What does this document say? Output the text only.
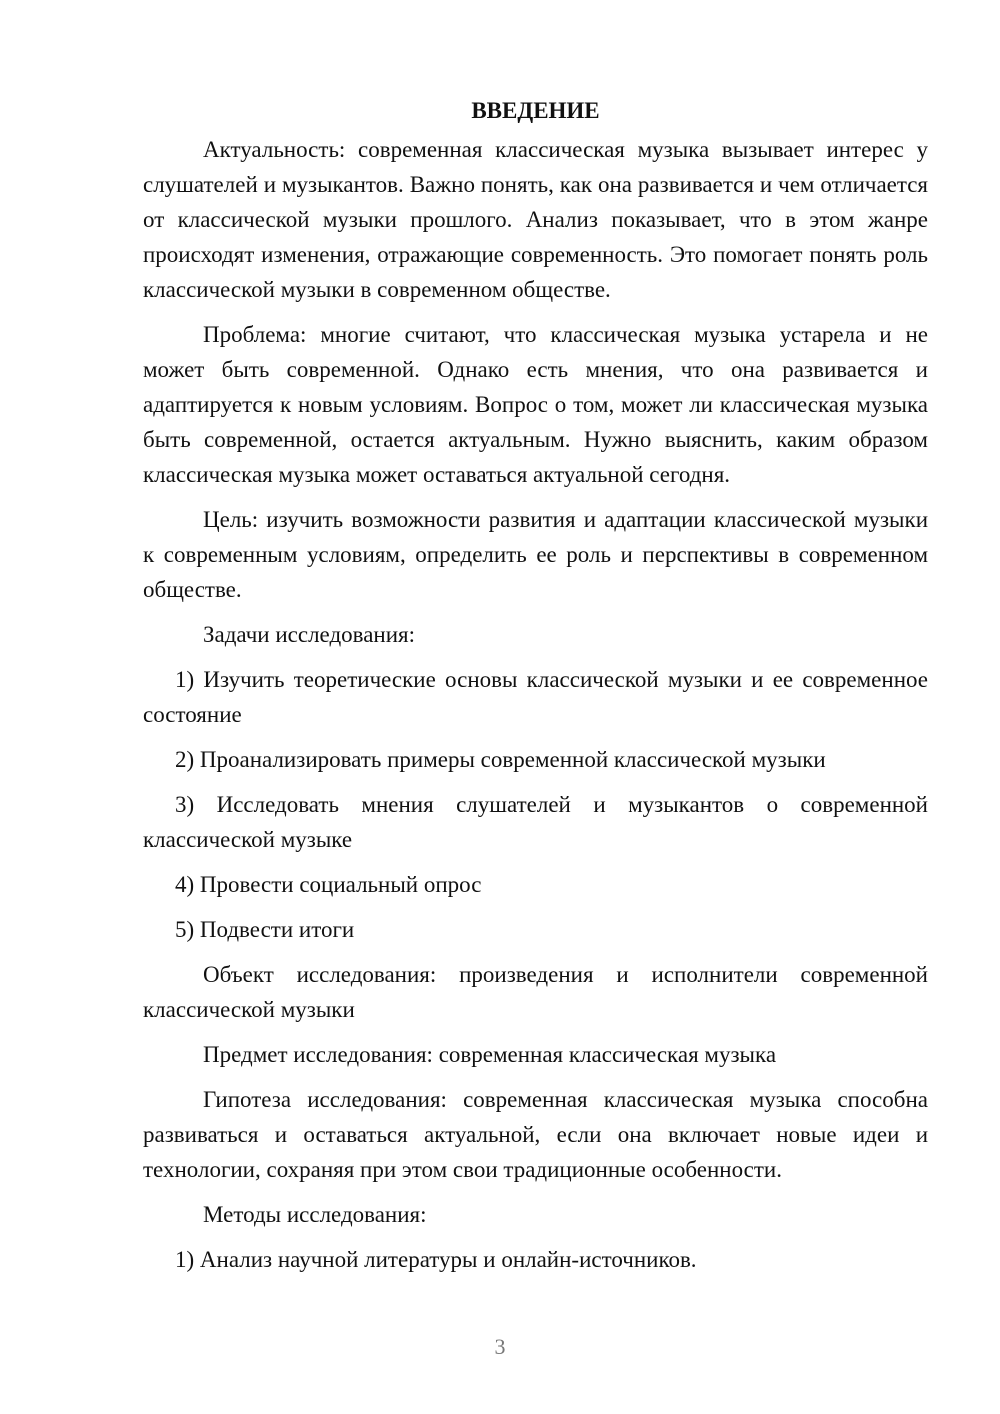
ВВЕДЕНИЕ

Актуальность: современная классическая музыка вызывает интерес у слушателей и музыкантов. Важно понять, как она развивается и чем отличается от классической музыки прошлого. Анализ показывает, что в этом жанре происходят изменения, отражающие современность. Это помогает понять роль классической музыки в современном обществе.

Проблема: многие считают, что классическая музыка устарела и не может быть современной. Однако есть мнения, что она развивается и адаптируется к новым условиям. Вопрос о том, может ли классическая музыка быть современной, остается актуальным. Нужно выяснить, каким образом классическая музыка может оставаться актуальной сегодня.

Цель: изучить возможности развития и адаптации классической музыки к современным условиям, определить ее роль и перспективы в современном обществе.

Задачи исследования:

1) Изучить теоретические основы классической музыки и ее современное состояние

2) Проанализировать примеры современной классической музыки

3) Исследовать мнения слушателей и музыкантов о современной классической музыке

4) Провести социальный опрос

5) Подвести итоги

Объект исследования: произведения и исполнители современной классической музыки

Предмет исследования: современная классическая музыка

Гипотеза исследования: современная классическая музыка способна развиваться и оставаться актуальной, если она включает новые идеи и технологии, сохраняя при этом свои традиционные особенности.

Методы исследования:

1) Анализ научной литературы и онлайн-источников.

3
